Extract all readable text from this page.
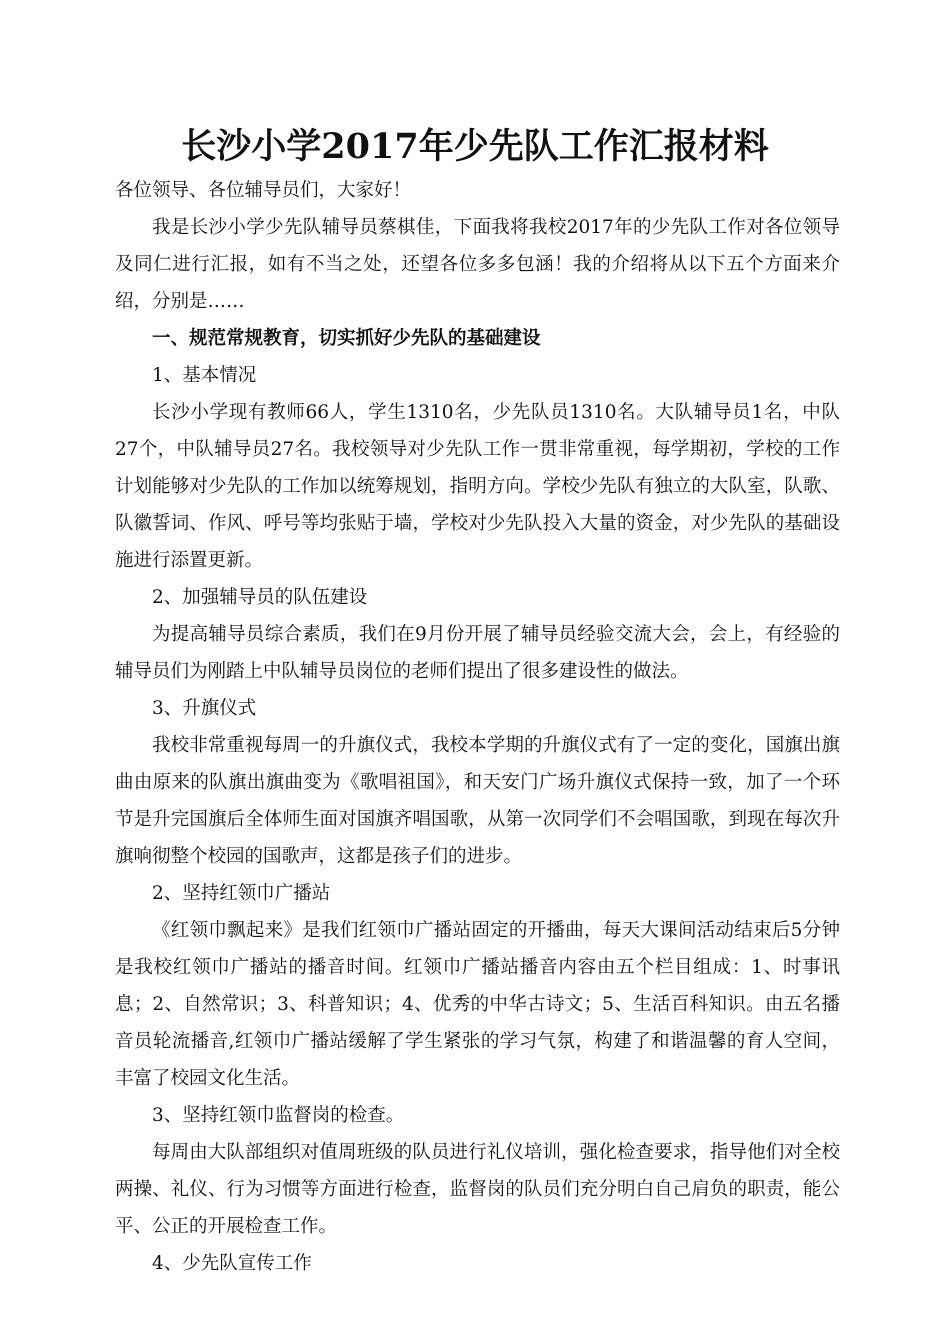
长沙小学2017年少先队工作汇报材料

各位领导、各位辅导员们，大家好！

我是长沙小学少先队辅导员蔡棋佳，下面我将我校2017年的少先队工作对各位领导及同仁进行汇报，如有不当之处，还望各位多多包涵！我的介绍将从以下五个方面来介绍，分别是……

一、规范常规教育，切实抓好少先队的基础建设

1、基本情况

长沙小学现有教师66人，学生1310名，少先队员1310名。大队辅导员1名，中队27个，中队辅导员27名。我校领导对少先队工作一贯非常重视，每学期初，学校的工作计划能够对少先队的工作加以统筹规划，指明方向。学校少先队有独立的大队室，队歌、队徽誓词、作风、呼号等均张贴于墙，学校对少先队投入大量的资金，对少先队的基础设施进行添置更新。

2、加强辅导员的队伍建设

为提高辅导员综合素质，我们在9月份开展了辅导员经验交流大会，会上，有经验的辅导员们为刚踏上中队辅导员岗位的老师们提出了很多建设性的做法。

3、升旗仪式

我校非常重视每周一的升旗仪式，我校本学期的升旗仪式有了一定的变化，国旗出旗曲由原来的队旗出旗曲变为《歌唱祖国》，和天安门广场升旗仪式保持一致，加了一个环节是升完国旗后全体师生面对国旗齐唱国歌，从第一次同学们不会唱国歌，到现在每次升旗响彻整个校园的国歌声，这都是孩子们的进步。

2、坚持红领巾广播站

《红领巾飘起来》是我们红领巾广播站固定的开播曲，每天大课间活动结束后5分钟是我校红领巾广播站的播音时间。红领巾广播站播音内容由五个栏目组成：1、时事讯息；2、自然常识；3、科普知识；4、优秀的中华古诗文；5、生活百科知识。由五名播音员轮流播音,红领巾广播站缓解了学生紧张的学习气氛，构建了和谐温馨的育人空间，丰富了校园文化生活。

3、坚持红领巾监督岗的检查。

每周由大队部组织对值周班级的队员进行礼仪培训，强化检查要求，指导他们对全校两操、礼仪、行为习惯等方面进行检查，监督岗的队员们充分明白自己肩负的职责，能公平、公正的开展检查工作。

4、少先队宣传工作
